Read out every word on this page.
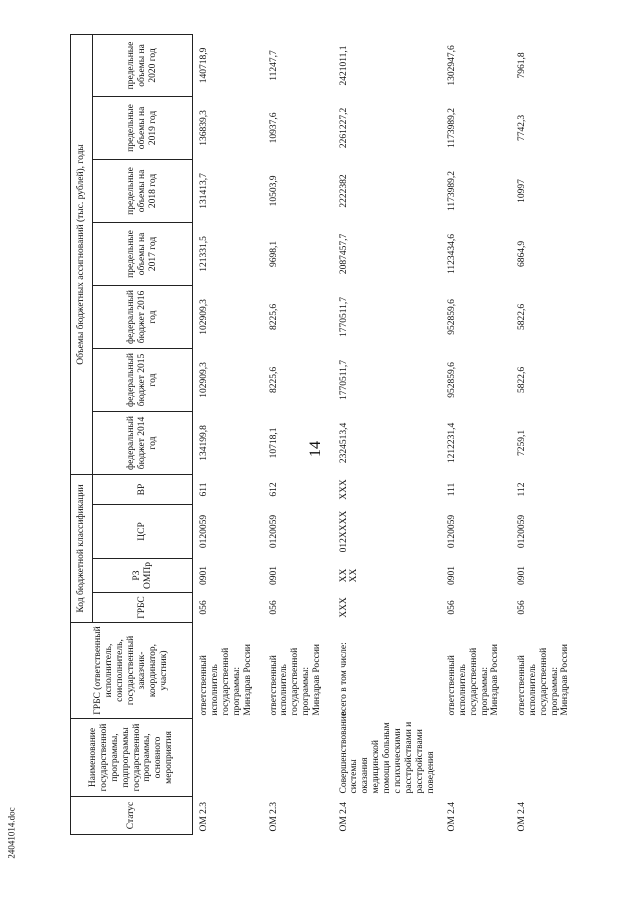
14
24041014.doc	Статус	Наименование государственной программы, подпрограммы государственной программы, основного мероприятия	ГРБС (ответственный исполнитель, соисполнитель, государственный заказчик-координатор, участник)	Код бюджетной классификации				Объемы бюджетных ассигнований (тыс. рублей), годы						
			ГРБС	РЗ ОМПр	ЦСР	ВР	федеральный бюджет 2014 год	федеральный бюджет 2015 год	федеральный бюджет 2016 год	предельные объемы на 2017 год	предельные объемы на 2018 год	предельные объемы на 2019 год	предельные объемы на 2020 год
ОМ 2.3		ответственный исполнитель государственной программы: Минздрав России	056	0901	0120059	611	134199,8	102909,3	102909,3	121331,5	131413,7	136839,3	140718,9
ОМ 2.3		ответственный исполнитель государственной программы: Минздрав России	056	0901	0120059	612	10718,1	8225,6	8225,6	9698,1	10503,9	10937,6	11247,7
ОМ 2.4	Совершенствование системы оказания медицинской помощи больным с психическими расстройствами и расстройствами поведения	всего в том числе:	XXX	XX XX	012XXXX	XXX	2324513,4	1770511,7	1770511,7	2087457,7	2222382	2261227,2	2421011,1
ОМ 2.4		ответственный исполнитель государственной программы: Минздрав России	056	0901	0120059	111	1212231,4	952859,6	952859,6	1123434,6	1173989,2	1173989,2	1302947,6
ОМ 2.4		ответственный исполнитель государственной программы: Минздрав России	056	0901	0120059	112	7259,1	5822,6	5822,6	6864,9	10997	7742,3	7961,8
